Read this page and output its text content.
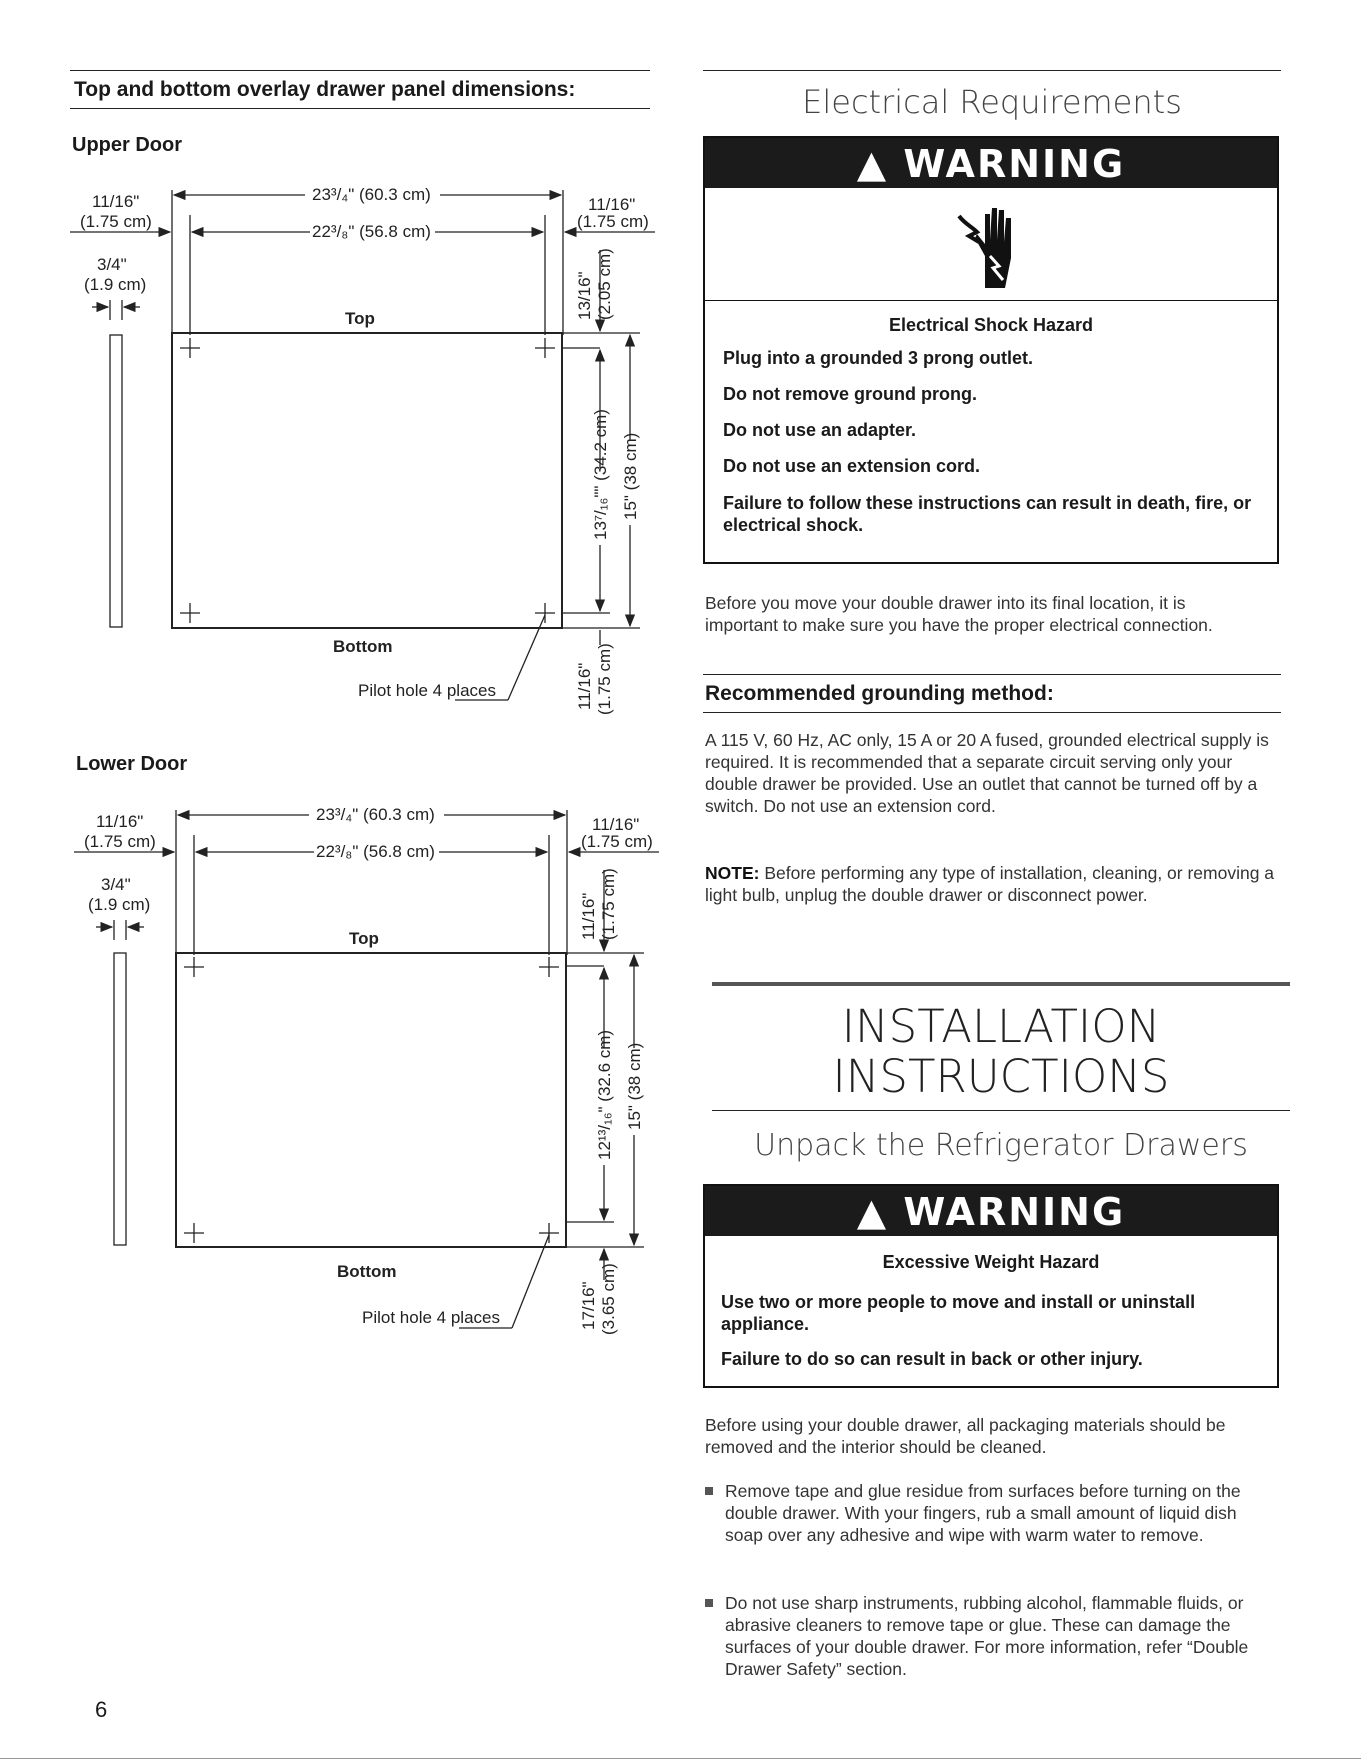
Top and bottom overlay drawer panel dimensions:
Upper Door
23³/₄" (60.3 cm)
22³/₈" (56.8 cm)
11/16"
(1.75 cm)
11/16"
(1.75 cm)
3/4"
(1.9 cm)
Top
Bottom
Pilot hole 4 places
13/16" (2.05 cm)
13⁷/₁₆"" (34.2 cm) 15" (38 cm)
11/16" (1.75 cm)
Lower Door
23³/₄" (60.3 cm)
22³/₈" (56.8 cm)
11/16"
(1.75 cm)
11/16"
(1.75 cm)
3/4"
(1.9 cm)
Top
Bottom
Pilot hole 4 places
11/16" (1.75 cm)
12¹³/₁₆" (32.6 cm) 15" (38 cm)
17/16" (3.65 cm)
6
Electrical Requirements
▲ WARNING
Electrical Shock Hazard
Plug into a grounded 3 prong outlet.
Do not remove ground prong.
Do not use an adapter.
Do not use an extension cord.
Failure to follow these instructions can result in death, fire, or electrical shock.
Before you move your double drawer into its final location, it is important to make sure you have the proper electrical connection.
Recommended grounding method:
A 115 V, 60 Hz, AC only, 15 A or 20 A fused, grounded electrical supply is required. It is recommended that a separate circuit serving only your double drawer be provided. Use an outlet that cannot be turned off by a switch. Do not use an extension cord.
NOTE: Before performing any type of installation, cleaning, or removing a light bulb, unplug the double drawer or disconnect power.
INSTALLATION
INSTRUCTIONS
Unpack the Refrigerator Drawers
▲ WARNING
Excessive Weight Hazard
Use two or more people to move and install or uninstall appliance.
Failure to do so can result in back or other injury.
Before using your double drawer, all packaging materials should be removed and the interior should be cleaned.
Remove tape and glue residue from surfaces before turning on the double drawer. With your fingers, rub a small amount of liquid dish soap over any adhesive and wipe with warm water to remove.
Do not use sharp instruments, rubbing alcohol, flammable fluids, or abrasive cleaners to remove tape or glue. These can damage the surfaces of your double drawer. For more information, refer “Double Drawer Safety” section.
